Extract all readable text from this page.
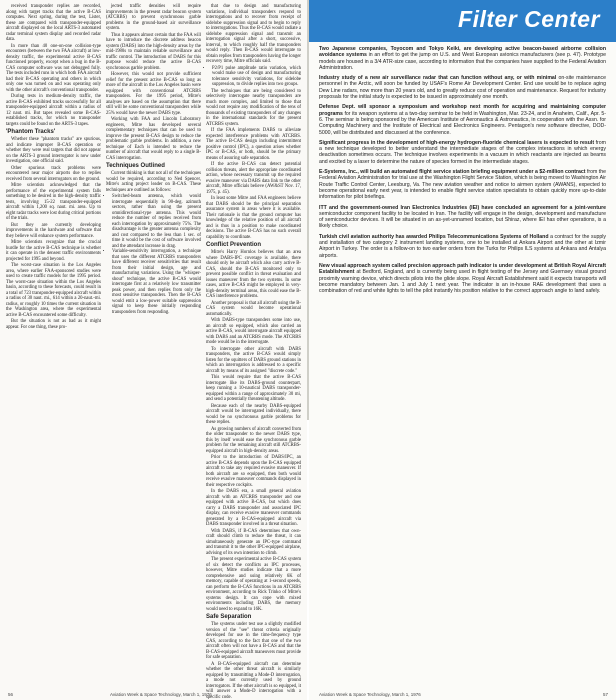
received transponder replies are recorded, along with target tracks that the active B-CAS computes. Next spring, during the test, Lister, these are compared with transponder-equipped aircraft displayed on the local ARTS-3 automated radar terminal system display and recorded radar data.

In more than 40 one-on-one collision-type encounters (between the two FAA aircraft) at low-density traffic, the experimental active B-CAS functioned properly, except when a bug in the B-CAS computer software was not debugged fully. The tests included runs in which both FAA aircraft had their B-CAS operating and others in which only one was turned on and was operating only with the other aircraft's conventional transponder.

During tests in medium-density traffic, the active B-CAS exhibited tracks successfully for all transponder-equipped aircraft within a radius of 12 naut. mi. But tapes revealed some B-CAS-established tracks, for which no transponder targets could be found on the ARTS-3 tapes.

'Phantom Tracks'

Whether these "phantom tracks" are spurious, and indicate improper B-CAS operation or whether they were real targets that did not appear on the ARTS-3 ground interrogator is now under investigation, one official said.

Other spurious track problems were encountered near major airports due to replies received from several interrogators on the ground.

Mitre scientists acknowledged that the performance of the experimental system falls something to be desired in the high-density traffic tests, involving 15-22 transponder-equipped aircraft within 1,200 sq. naut. mi. area. Up to eight radar tracks were lost during critical portions of the trials.

But they are currently developing improvements in the hardware and software that they believe will enhance system performance.

Mitre scientists recognize that the crucial hurdle for the active B-CAS technique is whether it can operate in the densest traffic environments projected for 1995 and beyond.

The worst-case situation is the Los Angeles area, where earlier FAA-sponsored studies were used to create traffic models for the 1995 period. The worst-case situation within the Los Angeles basin, according to these forecasts, could result in a total of 723 transponder-equipped aircraft within a radius of 30 naut. mi., 614 within a 20-naut.-mi. radius, or roughly 10 times the current situation in the Washington area, where the experimental active B-CAS encountered some difficulty.

But the situation is not as bad as it might appear. For one thing, these pro-

jected traffic densities will require improvements in the present radar beacon system (ATCRBS) to prevent synchronous garble problems in the ground-based air surveillance system.

Thus it appears almost certain that the FAA will have to introduce the discrete address beacon system (DABS) into the high-density areas by the mid-1980s to maintain reliable surveillance and traffic control. The introduction of DABS for this purpose would reduce the active B-CAS synchronous garble problem.

However, this would not provide sufficient relief for the present active B-CAS so long as more of the aircraft in the Los Angeles basin were equipped with conventional ATCRBS transponders. For the 1995 period, Mitre's analyses are based on the assumption that there still will be some conventional transponders while 25% would have the newer DABS type.

Working with FAA and Lincoln Laboratory engineers, Mitre has developed several complementary techniques that can be used to improve the present B-CAS design to reduce the problematic garble problems. In addition, a new technique of Each is intended to reduce the number of aircraft that would reply to a single B-CAS interrogation.

Techniques Outlined

Current thinking is that not all of the techniques would be required, according to Ned Spencer, Mitre's acting project leader on B-CAS. These techniques are outlined as follows:

• Switched-beam antenna, which would interrogate sequentially in 90-deg. azimuth sectors, rather than using the present omnidirectional-type antenna. This would reduce the number of replies received from each interrogation by approximately 75%. The disadvantage is the greater antenna complexity and cost compared to the less than 1 sec. of time it would be the cost of software involved and the attendant increase in drag.
• Variable-sensitivity interrogation, a technique that uses the different ATCRBS transponders have different receiver sensitivities that result from their initial design, age and manufacturing variations. Using the "whisper-shout" technique, the active B-CAS would interrogate first at a relatively low transmitter peak power, and then replies from only the most sensitive transponders. Then the B-CAS would emit a low-power suitable suppression signal to keep these initially responding transponders from responding.

that due to design and manufacturing variations, individual transponders respond to interrogations and to recover from receipt of sidelobe suppression signal and to begin to reply to interrogations. Thus the B-CAS would radiate a sidelobe suppression signal and transmit an interrogation signal after a short, successive, interval, to which roughly half the transponders would reply. Then B-CAS would interrogate to obtain replies from transponders having the longer recovery time, Mitre officials said.

• P2/P1 pulse amplitude ratio variation, which would make use of design and manufacturing tolerance sensitivity variations, for sidelobe suppression, to divide replies into two groups.

The techniques that are being considered to selectively interrogate nearby transponders are much more complex, and limited to those that would not require any modification of the tens of thousands of existing transponders of any changes in the international standards for the present ATCRBS system.

If the FAA implements DABS to alleviate expected interference problems with ATCRBS. The active B-CAS design including intermittent positive control (IPC), a question arises whether IPC or B-CAS, or both, should be the primary means of assuring safe separation.

If the active B-CAS can detect potential collision threats, alert the appropriate coordinated action, whose necessary transmit up the required evasive maneuver via DABS data link to the other aircraft, Mitre officials believe (AW&ST Nov. 17, 1975, p. 45).

In least some Mitre and FAA engineers believe that DABS should be the principal separation assurance system in areas where it is available. Their rationale is that the ground computer has knowledge of the relative position of all aircraft and is thus in a position to make coordinated decisions. The active B-CAS has no such overall capability to coordinate.

Conflict Prevention

Mitre's Harry Hornlos believes that an area where DABS-IPC coverage is available, there should only be aircraft which also carry active B-CAS, should the B-CAS monitored only to prevent possible conflict in threat evaluation and issues maneuver from the two systems. In some cases, active B-CAS might be employed in very-high-density terminal areas, this could ease the B-CAS interference problems.

Another proposal is that all aircraft using the B-CAS system would become operational automatically.

With DABS-type transponders some into use, an aircraft so equipped, which also carried an active B-CAS, would interrogate aircraft equipped with DABS and an ATCRBS mode. The ATCRBS mode would be in the interrogate.

To interrogate other aircraft with DABS transponders, the active B-CAS would simply listen for the squitters of DABS ground stations in which an interrogation is addressed to a specific aircraft by means of its assigned "discrete code."

This would require that the active B-CAS interrogate like its DABS-ground counterpart, keep running a 10-nautical DABS transponder-equipped within a range of approximately 30 mi, and send a potentially threatening altitude.

Because each of the nearby DABS-equipped aircraft would be interrogated individually, there would be no synchronous garble problems for these replies.

As growing numbers of aircraft converted from the older transponder to the newer DABS type, this by itself would ease the synchronous garble problem for the remaining aircraft still ATCRBS-equipped aircraft in high-density areas.

Prior to the introduction of DABS/IPC, an active B-CAS depends upon the B-CAS equipped aircraft to take any required evasive maneuver. If both aircraft are so equipped, then both would receive evasive maneuver commands displayed in their respective cockpits.

In the DABS era, a small general aviation aircraft with an ATCRBS transponder and one equipped with active B-CAS, but which does carry a DABS transponder and associated IPC display, can receive evasive maneuver commands generated by a B-CAS-equipped aircraft via DABS transponder involved in a threat situation.

With DABS, if B-CAS determines that own-craft should climb to reduce the threat, it can simultaneously generate an IPC-type command and transmit it to the other IPC-equipped airplane, advising of its own intention to climb.

The present experimental active B-CAS system of six detect the conflicts as IPC processes, however, Mitre studies indicate that a more comprehensive and using relatively 6K of memory, capable of operating at 1-second speeds, can perform the B-CAS functions in an ATCRBS environment, according to Rick Trinko of Mitre's systems design. It can cope with mixed environments including DABS, the memory would need to expand to 16K.

Safe Separation

The systems under test use a slightly modified version of the "see" threat criteria originally developed for use in the time-frequency type CAS, according to the fact that one of the two aircraft often will not have a B-CAS and that the B-CAS-equipped aircraft maneuvers must provide for safe separation.

A B-CAS-equipped aircraft can determine whether the other threat aircraft is similarly equipped by transmitting a Mode-D interrogation, a mode not currently used by ground interrogators. If the other aircraft is so equipped, it will answer a Mode-D interrogation with a specific code.

56	Aviation Week & Space Technology, March 1, 1976
Filter Center

Two Japanese companies, Toyocom and Tokyo Keiki, are developing active beacon-based airborne collision avoidance systems in an effort to get the jump on U.S. and West European avionics manufacturers (see p. 47). Prototype models are housed in a 3/4 ATR-size case, according to information that the companies have supplied to the Federal Aviation Administration.

Industry study of a new air surveillance radar that can function without any, or with minimal on-site maintenance personnel in the Arctic, will soon be funded by USAF's Rome Air Development Center. End use would be to replace aging Dew Line radars, now more than 20 years old, and to greatly reduce cost of operation and maintenance. Request for industry proposals for the initial study is expected to be issued in approximately one month.

Defense Dept. will sponsor a symposium and workshop next month for acquiring and maintaining computer programs for its weapon systems at a two-day seminar to be held in Washington, Mar. 23-24, and in Anaheim, Calif., Apr. 5-6. The seminar is being sponsored by the American Institute of Aeronautics & Astronautics, in cooperation with the Assn. for Computing Machinery and the Institute of Electrical and Electronics Engineers. Pentagon's new software directive, DOD-5000, will be distributed and discussed at the conference.

Significant progress in the development of high-energy hydrogen-fluoride chemical lasers is expected to result from a new technique developed to better understand the intermediate stages of the complex interactions in which energy deactivation sometimes occurs. The technique involves experiments in a vacuum in which reactants are injected as beams and excited by a laser to determine the nature of species formed in the intermediate stages.

E-Systems, Inc., will build an automated flight service station briefing equipment under a $2-million contract from the Federal Aviation Administration for trial use at the Washington Flight Service Station, which is being moved to Washington Air Route Traffic Control Center, Leesburg, Va. The new aviation weather and notice to airmen system (AWANS), expected to become operational early next year, is intended to enable flight service station specialists to obtain quickly more up-to-date information for pilot briefings.

ITT and the government-owned Iran Electronics Industries (IEI) have concluded an agreement for a joint-venture semiconductor component facility to be located in Iran. The facility will engage in the design, development and manufacture of semiconductor devices. It will be situated in an as-yet-unnamed location, but Shiraz, where IEI has other operations, is a likely choice.

Turkish civil aviation authority has awarded Philips Telecommunications Systems of Holland a contract for the supply and installation of two category 2 instrument landing systems, one to be installed at Ankara Airport and the other at Izmir Airport in Turkey. The order is a follow-on to two earlier orders from the Turks for Philips ILS systems at Ankara and Antalya airports.

New visual approach system called precision approach path indicator is under development at British Royal Aircraft Establishment at Bedford, England, and is currently being used in flight testing of the Jersey and Guernsey visual ground proximity warning device, which directs pilots into the glide slope. Royal Aircraft Establishment said it expects transports will become mandatory between Jan. 1 and July 1 next year. The indicator is an in-house RAE development that uses a combination of red and white lights to tell the pilot instantly his position relative to the correct approach angle to land safely.

Aviation Week & Space Technology, March 1, 1976	57
